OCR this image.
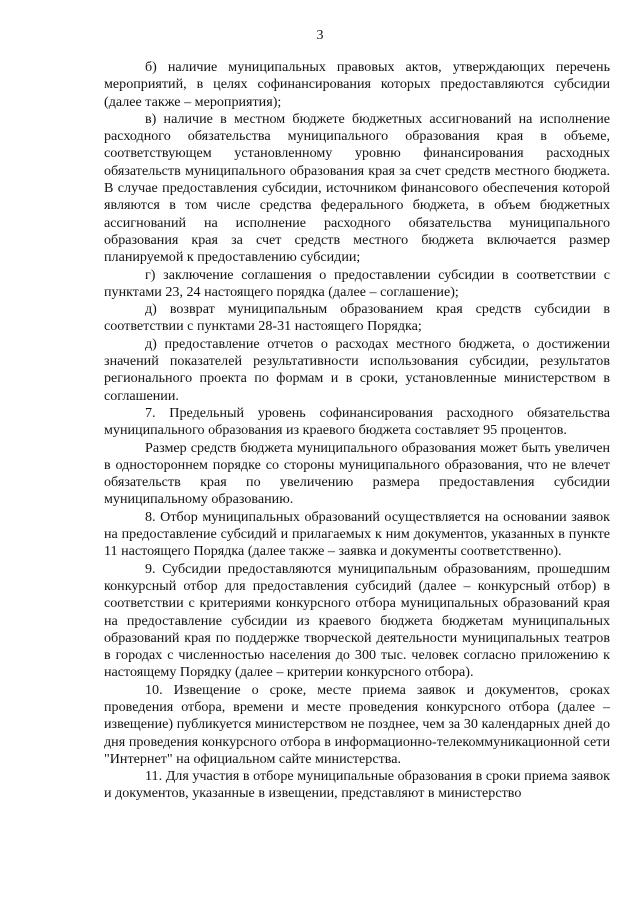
3

б) наличие муниципальных правовых актов, утверждающих перечень мероприятий, в целях софинансирования которых предоставляются субсидии (далее также – мероприятия);

в) наличие в местном бюджете бюджетных ассигнований на исполнение расходного обязательства муниципального образования края в объеме, соответствующем установленному уровню финансирования расходных обязательств муниципального образования края за счет средств местного бюджета. В случае предоставления субсидии, источником финансового обеспечения которой являются в том числе средства федерального бюджета, в объем бюджетных ассигнований на исполнение расходного обязательства муниципального образования края за счет средств местного бюджета включается размер планируемой к предоставлению субсидии;

г) заключение соглашения о предоставлении субсидии в соответствии с пунктами 23, 24 настоящего порядка (далее – соглашение);

д) возврат муниципальным образованием края средств субсидии в соответствии с пунктами 28-31 настоящего Порядка;

д) предоставление отчетов о расходах местного бюджета, о достижении значений показателей результативности использования субсидии, результатов регионального проекта по формам и в сроки, установленные министерством в соглашении.

7. Предельный уровень софинансирования расходного обязательства муниципального образования из краевого бюджета составляет 95 процентов.

Размер средств бюджета муниципального образования может быть увеличен в одностороннем порядке со стороны муниципального образования, что не влечет обязательств края по увеличению размера предоставления субсидии муниципальному образованию.

8. Отбор муниципальных образований осуществляется на основании заявок на предоставление субсидий и прилагаемых к ним документов, указанных в пункте 11 настоящего Порядка (далее также – заявка и документы соответственно).

9. Субсидии предоставляются муниципальным образованиям, прошедшим конкурсный отбор для предоставления субсидий (далее – конкурсный отбор) в соответствии с критериями конкурсного отбора муниципальных образований края на предоставление субсидии из краевого бюджета бюджетам муниципальных образований края по поддержке творческой деятельности муниципальных театров в городах с численностью населения до 300 тыс. человек согласно приложению к настоящему Порядку (далее – критерии конкурсного отбора).

10. Извещение о сроке, месте приема заявок и документов, сроках проведения отбора, времени и месте проведения конкурсного отбора (далее – извещение) публикуется министерством не позднее, чем за 30 календарных дней до дня проведения конкурсного отбора в информационно-телекоммуникационной сети "Интернет" на официальном сайте министерства.

11. Для участия в отборе муниципальные образования в сроки приема заявок и документов, указанные в извещении, представляют в министерство
